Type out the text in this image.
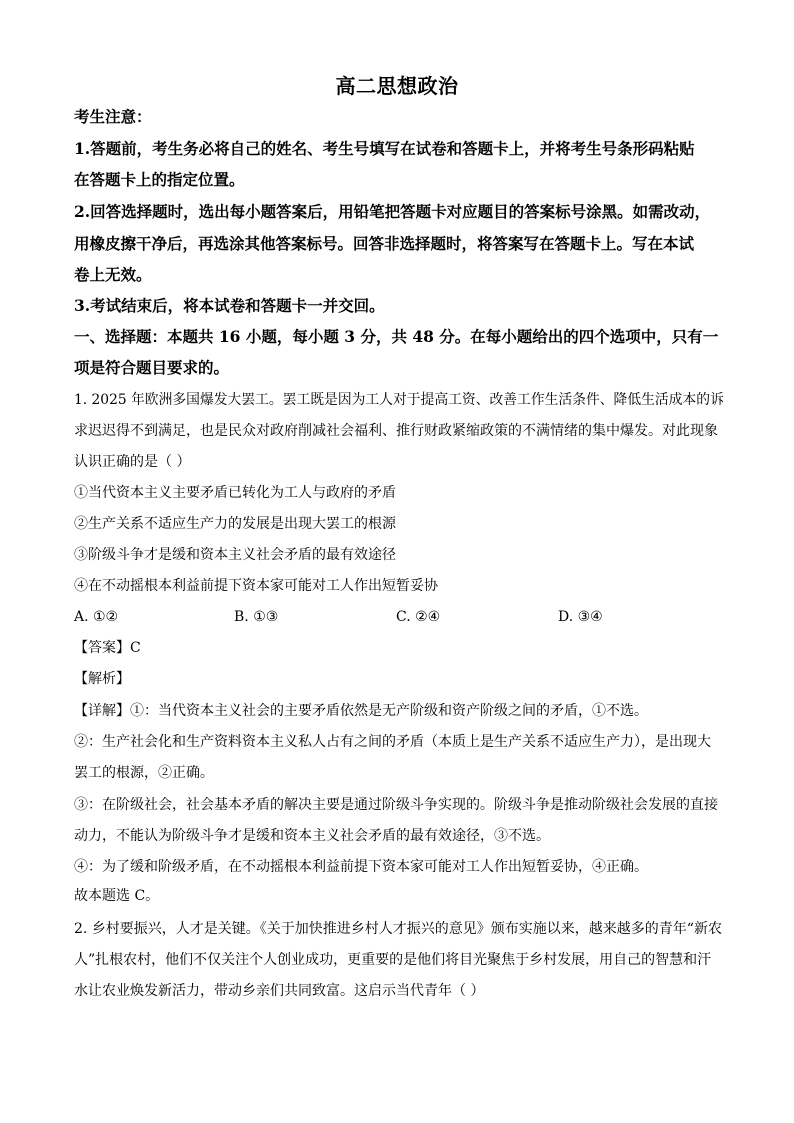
高二思想政治
考生注意：
1.答题前，考生务必将自己的姓名、考生号填写在试卷和答题卡上，并将考生号条形码粘贴
在答题卡上的指定位置。
2.回答选择题时，选出每小题答案后，用铅笔把答题卡对应题目的答案标号涂黑。如需改动，
用橡皮擦干净后，再选涂其他答案标号。回答非选择题时，将答案写在答题卡上。写在本试
卷上无效。
3.考试结束后，将本试卷和答题卡一并交回。
一、选择题：本题共 16 小题，每小题 3 分，共 48 分。在每小题给出的四个选项中，只有一
项是符合题目要求的。
1. 2025 年欧洲多国爆发大罢工。罢工既是因为工人对于提高工资、改善工作生活条件、降低生活成本的诉
求迟迟得不到满足，也是民众对政府削减社会福利、推行财政紧缩政策的不满情绪的集中爆发。对此现象
认识正确的是（ ）
①当代资本主义主要矛盾已转化为工人与政府的矛盾
②生产关系不适应生产力的发展是出现大罢工的根源
③阶级斗争才是缓和资本主义社会矛盾的最有效途径
④在不动摇根本利益前提下资本家可能对工人作出短暂妥协
A. ①②	B. ①③	C. ②④	D. ③④
【答案】C
【解析】
【详解】①：当代资本主义社会的主要矛盾依然是无产阶级和资产阶级之间的矛盾，①不选。
②：生产社会化和生产资料资本主义私人占有之间的矛盾（本质上是生产关系不适应生产力），是出现大
罢工的根源，②正确。
③：在阶级社会，社会基本矛盾的解决主要是通过阶级斗争实现的。阶级斗争是推动阶级社会发展的直接
动力，不能认为阶级斗争才是缓和资本主义社会矛盾的最有效途径，③不选。
④：为了缓和阶级矛盾，在不动摇根本利益前提下资本家可能对工人作出短暂妥协，④正确。
故本题选 C。
2. 乡村要振兴，人才是关键。《关于加快推进乡村人才振兴的意见》颁布实施以来，越来越多的青年“新农
人”扎根农村，他们不仅关注个人创业成功，更重要的是他们将目光聚焦于乡村发展，用自己的智慧和汗
水让农业焕发新活力，带动乡亲们共同致富。这启示当代青年（ ）
